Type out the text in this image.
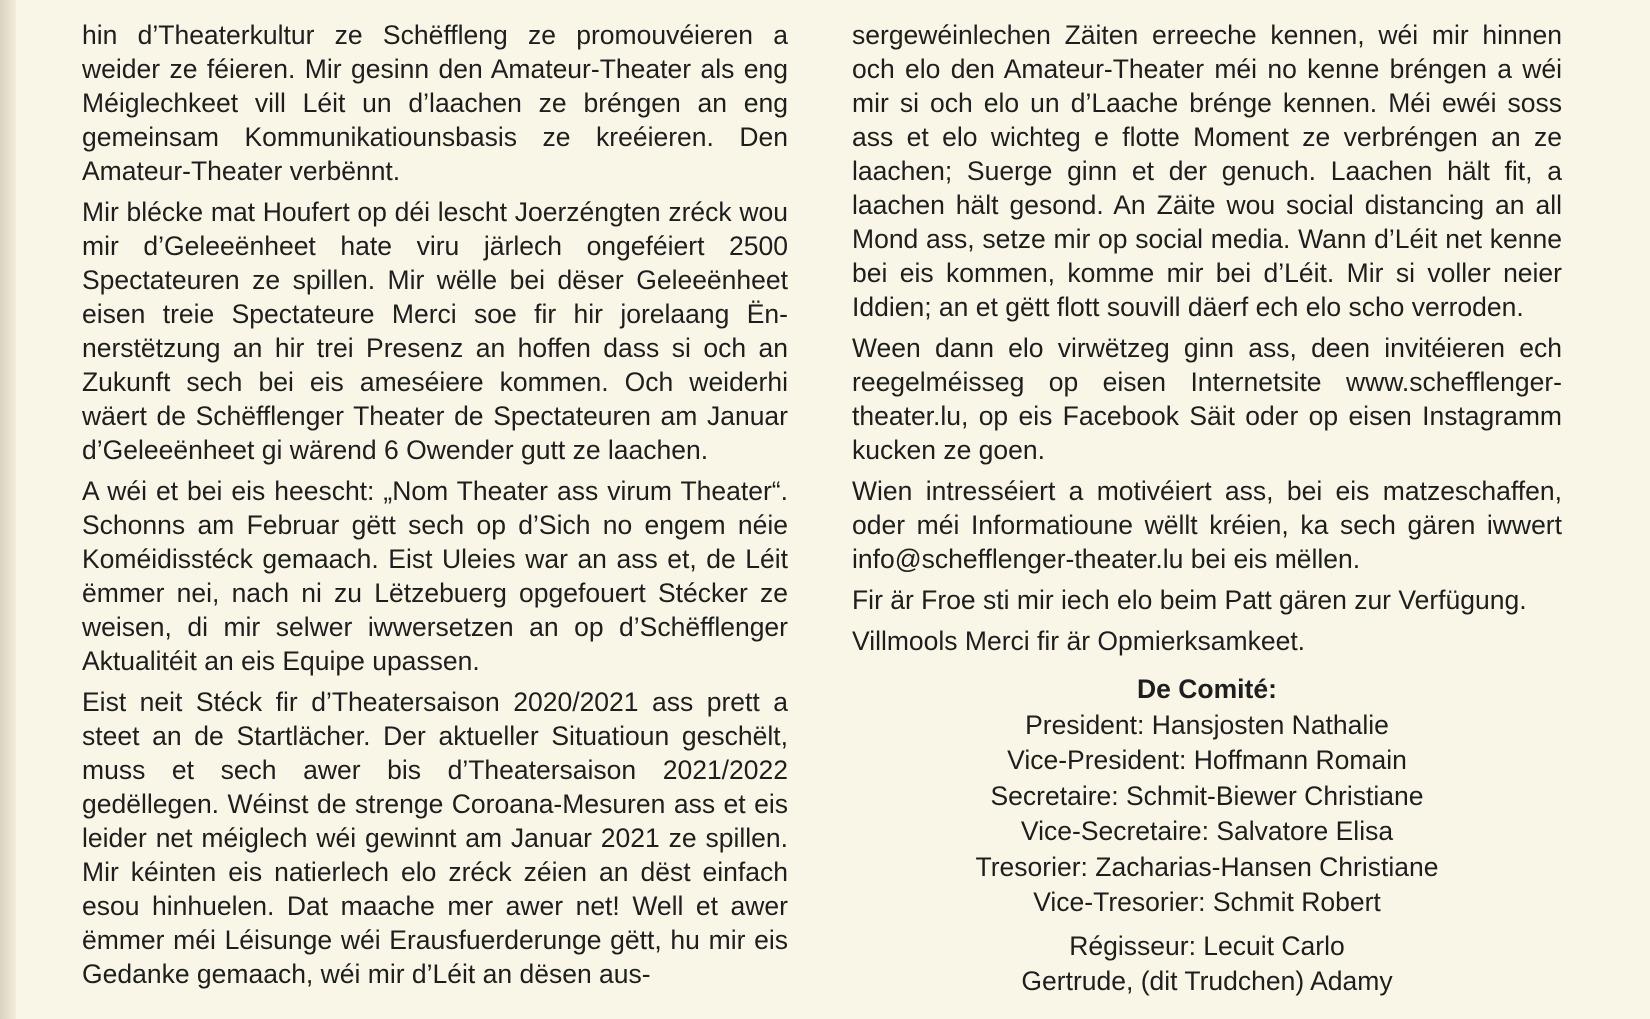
hin d’Theaterkultur ze Schëffleng ze promouvéieren a weider ze féieren. Mir gesinn den Amateur-Theater als eng Méiglechkeet vill Léit un d’laachen ze bréngen an eng gemeinsam Kommunikatiounsbasis ze kreéieren. Den Amateur-Theater verbënnt.

Mir blécke mat Houfert op déi lescht Joerzéngten zréck wou mir d’Geleeënheet hate viru järlech ongeféiert 2500 Spectateuren ze spillen. Mir wëlle bei dëser Geleeënheet eisen treie Spectateure Merci soe fir hir jorelaang Ënnerstëtzung an hir trei Presenz an hoffen dass si och an Zukunft sech bei eis ameséiere kommen. Och weiderhi wäert de Schëfflenger Theater de Spectateuren am Januar d’Geleeënheet gi wärend 6 Owender gutt ze laachen.

A wéi et bei eis heescht: „Nom Theater ass virum Theater“. Schonns am Februar gëtt sech op d’Sich no engem néie Koméidisstéck gemaach. Eist Uleies war an ass et, de Léit ëmmer nei, nach ni zu Lëtzebuerg opgefouert Stécker ze weisen, di mir selwer iwwersetzen an op d’Schëfflenger Aktualitéit an eis Equipe upassen.

Eist neit Stéck fir d’Theatersaison 2020/2021 ass prett a steet an de Startlächer. Der aktueller Situatioun geschëlt, muss et sech awer bis d’Theatersaison 2021/2022 gedëllegen. Wéinst de strenge Coroana-Mesuren ass et eis leider net méiglech wéi gewinnt am Januar 2021 ze spillen. Mir kéinten eis natierlech elo zréck zéien an dëst einfach esou hinhuelen. Dat maache mer awer net! Well et awer ëmmer méi Léisunge wéi Erausfuerderunge gëtt, hu mir eis Gedanke gemaach, wéi mir d’Léit an dësen aus-

sergewéinlechen Zäiten erreeche kennen, wéi mir hinnen och elo den Amateur-Theater méi no kenne bréngen a wéi mir si och elo un d’Laache brénge kennen. Méi ewéi soss ass et elo wichteg e flotte Moment ze verbréngen an ze laachen; Suerge ginn et der genuch. Laachen hält fit, a laachen hält gesond. An Zäite wou social distancing an all Mond ass, setze mir op social media. Wann d’Léit net kenne bei eis kommen, komme mir bei d’Léit. Mir si voller neier Iddien; an et gëtt flott souvill däerf ech elo scho verroden.

Ween dann elo virwëtzeg ginn ass, deen invitéieren ech reegelméisseg op eisen Internetsite www.schefflenger-theater.lu, op eis Facebook Säit oder op eisen Instagramm kucken ze goen.

Wien intresséiert a motivéiert ass, bei eis matzeschaffen, oder méi Informatioune wëllt kréien, ka sech gären iwwert info@schefflenger-theater.lu bei eis mëllen.

Fir är Froe sti mir iech elo beim Patt gären zur Verfügung.

Villmools Merci fir är Opmierksamkeet.

De Comité:
President: Hansjosten Nathalie
Vice-President: Hoffmann Romain
Secretaire: Schmit-Biewer Christiane
Vice-Secretaire: Salvatore Elisa
Tresorier: Zacharias-Hansen Christiane
Vice-Tresorier: Schmit Robert
Régisseur: Lecuit Carlo
Gertrude, (dit Trudchen) Adamy
